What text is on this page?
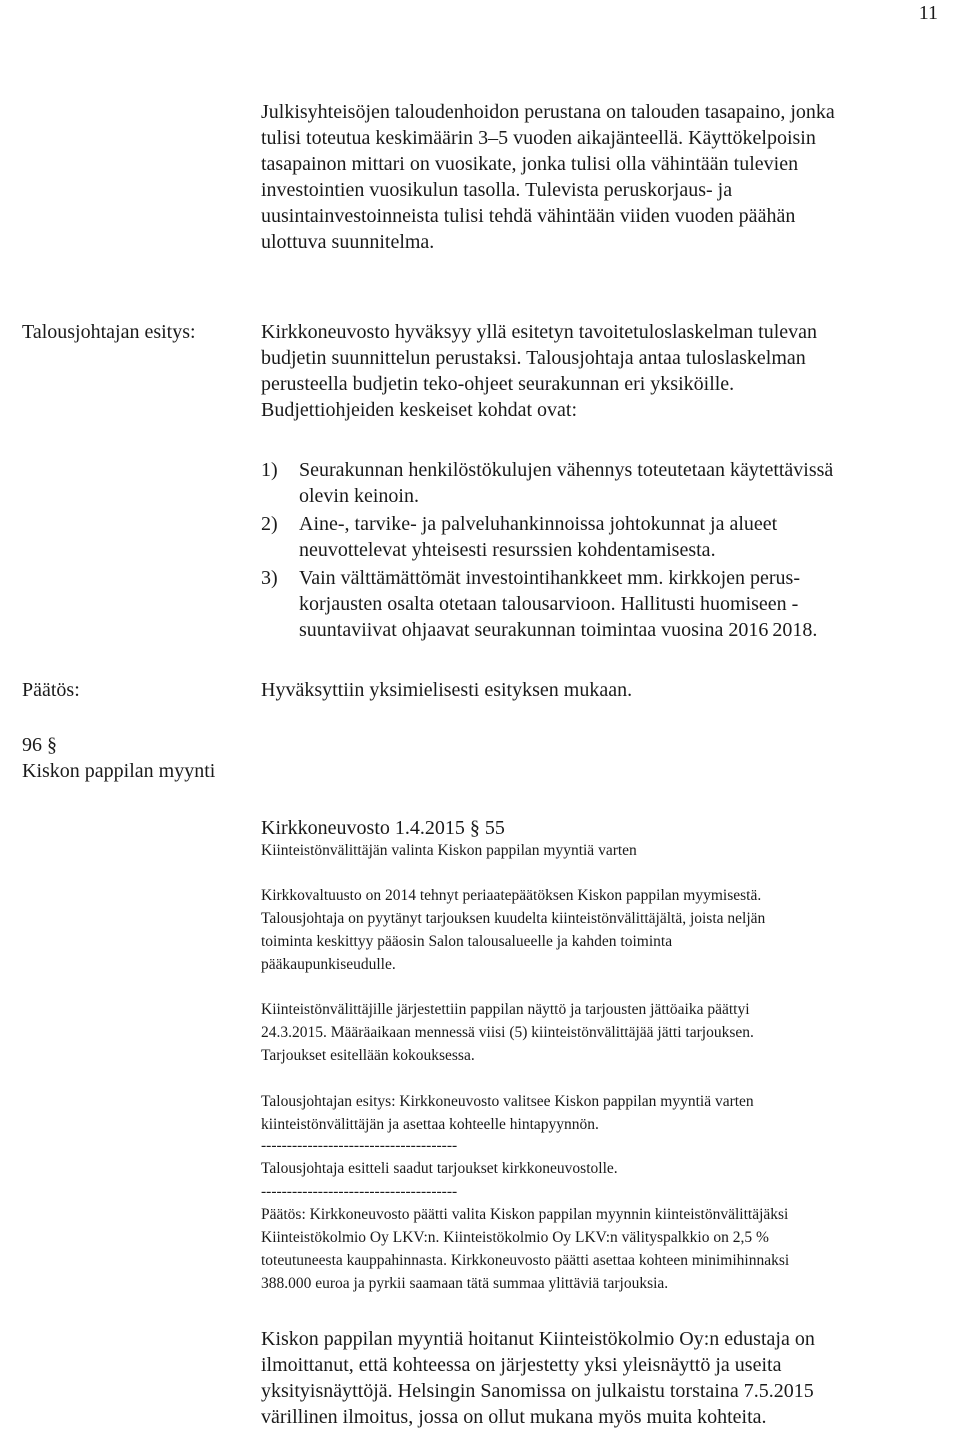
11
Julkisyhteisöjen taloudenhoidon perustana on talouden tasapaino, jonka
tulisi toteutua keskimäärin 3–5 vuoden aikajänteellä. Käyttökelpoisin
tasapainon mittari on vuosikate, jonka tulisi olla vähintään tulevien
investointien vuosikulun tasolla. Tulevista peruskorjaus- ja
uusintainvestoinneista tulisi tehdä vähintään viiden vuoden päähän
ulottuva suunnitelma.
Talousjohtajan esitys:	Kirkkoneuvosto hyväksyy yllä esitetyn tavoitetuloslaskelman tulevan
budjetin suunnittelun perustaksi. Talousjohtaja antaa tuloslaskelman
perusteella budjetin teko-ohjeet seurakunnan eri yksiköille.
Budjettiohjeiden keskeiset kohdat ovat:
1) Seurakunnan henkilöstökulujen vähennys toteutetaan käytettävissä
olevin keinoin.
2) Aine-, tarvike- ja palveluhankinnoissa johtokunnat ja alueet
neuvottelevat yhteisesti resurssien kohdentamisesta.
3) Vain välttämättömät investointihankkeet mm. kirkkojen perus-
korjausten osalta otetaan talousarvioon. Hallitusti huomiseen -
suuntaviivat ohjaavat seurakunnan toimintaa vuosina 2016 2018.
Päätös:	Hyväksyttiin yksimielisesti esityksen mukaan.
96 §
Kiskon pappilan myynti
Kirkkoneuvosto 1.4.2015 § 55
Kiinteistönvälittäjän valinta Kiskon pappilan myyntiä varten
Kirkkovaltuusto on 2014 tehnyt periaatepäätöksen Kiskon pappilan myymisestä.
Talousjohtaja on pyytänyt tarjouksen kuudelta kiinteistönvälittäjältä, joista neljän
toiminta keskittyy pääosin Salon talousalueelle ja kahden toiminta
pääkaupunkiseudulle.
Kiinteistönvälittäjille järjestettiin pappilan näyttö ja tarjousten jättöaika päättyi
24.3.2015. Määräaikaan mennessä viisi (5) kiinteistönvälittäjää jätti tarjouksen.
Tarjoukset esitellään kokouksessa.
Talousjohtajan esitys: Kirkkoneuvosto valitsee Kiskon pappilan myyntiä varten
kiinteistönvälittäjän ja asettaa kohteelle hintapyynnön.
--------------------------------------
Talousjohtaja esitteli saadut tarjoukset kirkkoneuvostolle.
--------------------------------------
Päätös: Kirkkoneuvosto päätti valita Kiskon pappilan myynnin kiinteistönvälittäjäksi
Kiinteistökolmio Oy LKV:n. Kiinteistökolmio Oy LKV:n välityspalkkio on 2,5 %
toteutuneesta kauppahinnasta. Kirkkoneuvosto päätti asettaa kohteen minimihinnaksi
388.000 euroa ja pyrkii saamaan tätä summaa ylittäviä tarjouksia.
Kiskon pappilan myyntiä hoitanut Kiinteistökolmio Oy:n edustaja on
ilmoittanut, että kohteessa on järjestetty yksi yleisnäyttö ja useita
yksityisnäyttöjä. Helsingin Sanomissa on julkaistu torstaina 7.5.2015
värillinen ilmoitus, jossa on ollut mukana myös muita kohteita.
